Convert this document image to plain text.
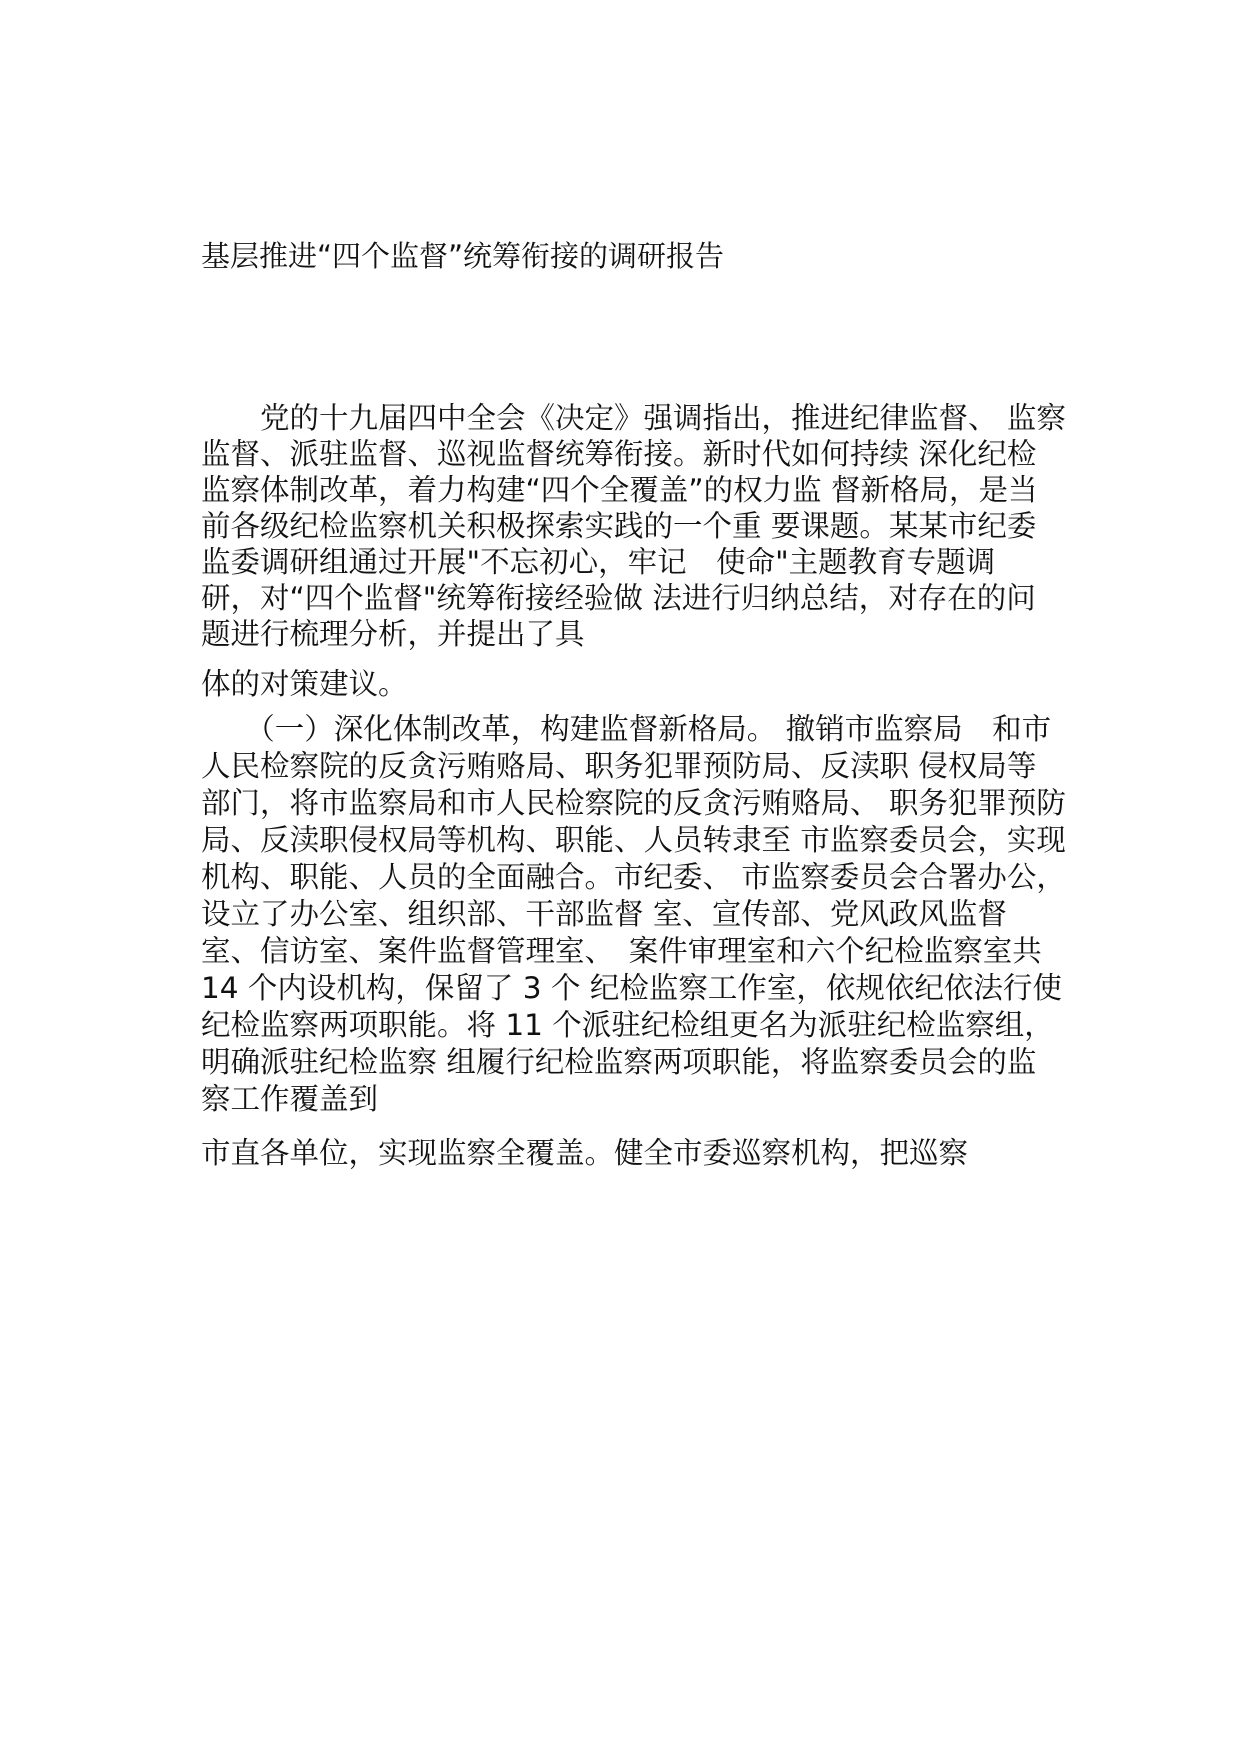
基层推进“四个监督”统筹衔接的调研报告
　　党的十九届四中全会《决定》强调指出，推进纪律监督、 监察
监督、派驻监督、巡视监督统筹衔接。新时代如何持续 深化纪检
监察体制改革，着力构建“四个全覆盖”的权力监 督新格局，是当
前各级纪检监察机关积极探索实践的一个重 要课题。某某市纪委
监委调研组通过开展"不忘初心，牢记　使命"主题教育专题调
研，对“四个监督"统筹衔接经验做 法进行归纳总结，对存在的问
题进行梳理分析，并提出了具
体的对策建议。
　　（一）深化体制改革，构建监督新格局。 撤销市监察局　和市
人民检察院的反贪污贿赂局、职务犯罪预防局、反渎职 侵权局等
部门，将市监察局和市人民检察院的反贪污贿赂局、 职务犯罪预防
局、反渎职侵权局等机构、职能、人员转隶至 市监察委员会，实现
机构、职能、人员的全面融合。市纪委、 市监察委员会合署办公，
设立了办公室、组织部、干部监督 室、宣传部、党风政风监督
室、信访室、案件监督管理室、　案件审理室和六个纪检监察室共
14 个内设机构，保留了 3 个 纪检监察工作室，依规依纪依法行使
纪检监察两项职能。将 11 个派驻纪检组更名为派驻纪检监察组，
明确派驻纪检监察 组履行纪检监察两项职能，将监察委员会的监
察工作覆盖到
市直各单位，实现监察全覆盖。健全市委巡察机构，把巡察
